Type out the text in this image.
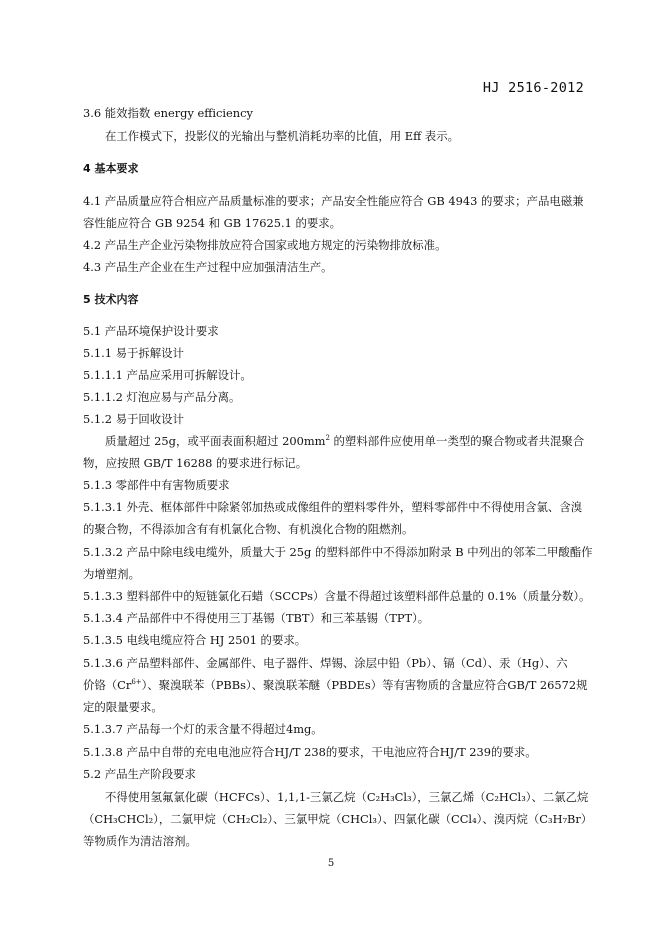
HJ 2516-2012
3.6 能效指数 energy efficiency
在工作模式下，投影仪的光输出与整机消耗功率的比值，用 Eff 表示。
4 基本要求
4.1 产品质量应符合相应产品质量标准的要求；产品安全性能应符合 GB 4943 的要求；产品电磁兼
容性能应符合 GB 9254 和 GB 17625.1 的要求。
4.2 产品生产企业污染物排放应符合国家或地方规定的污染物排放标准。
4.3 产品生产企业在生产过程中应加强清洁生产。
5 技术内容
5.1 产品环境保护设计要求
5.1.1 易于拆解设计
5.1.1.1 产品应采用可拆解设计。
5.1.1.2 灯泡应易与产品分离。
5.1.2 易于回收设计
质量超过 25g，或平面表面积超过 $200mm^2$ 的塑料部件应使用单一类型的聚合物或者共混聚合
物，应按照 GB/T 16288 的要求进行标记。
5.1.3 零部件中有害物质要求
5.1.3.1 外壳、框体部件中除紧邻加热或成像组件的塑料零件外，塑料零部件中不得使用含氯、含溴
的聚合物，不得添加含有有机氯化合物、有机溴化合物的阻燃剂。
5.1.3.2 产品中除电线电缆外，质量大于 25g 的塑料部件中不得添加附录 B 中列出的邻苯二甲酸酯作
为增塑剂。
5.1.3.3 塑料部件中的短链氯化石蜡（SCCPs）含量不得超过该塑料部件总量的 0.1%（质量分数）。
5.1.3.4 产品部件中不得使用三丁基锡（TBT）和三苯基锡（TPT）。
5.1.3.5 电线电缆应符合 HJ 2501 的要求。
5.1.3.6 产品塑料部件、金属部件、电子器件、焊锡、涂层中铅（Pb）、镉（Cd）、汞（Hg）、六
价铬$(Cr^{6+})$、聚溴联苯（PBBs）、聚溴联苯醚（PBDEs）等有害物质的含量应符合GB/T 26572规
定的限量要求。
5.1.3.7 产品每一个灯的汞含量不得超过4mg。
5.1.3.8 产品中自带的充电电池应符合HJ/T 238的要求，干电池应符合HJ/T 239的要求。
5.2 产品生产阶段要求
不得使用氢氟氯化碳（HCFCs）、1,1,1-三氯乙烷（C₂H₃Cl₃），三氯乙烯（C₂HCl₃）、二氯乙烷
（CH₃CHCl₂），二氯甲烷（CH₂Cl₂）、三氯甲烷（CHCl₃）、四氯化碳（CCl₄）、溴丙烷（C₃H₇Br）
等物质作为清洁溶剂。
5
